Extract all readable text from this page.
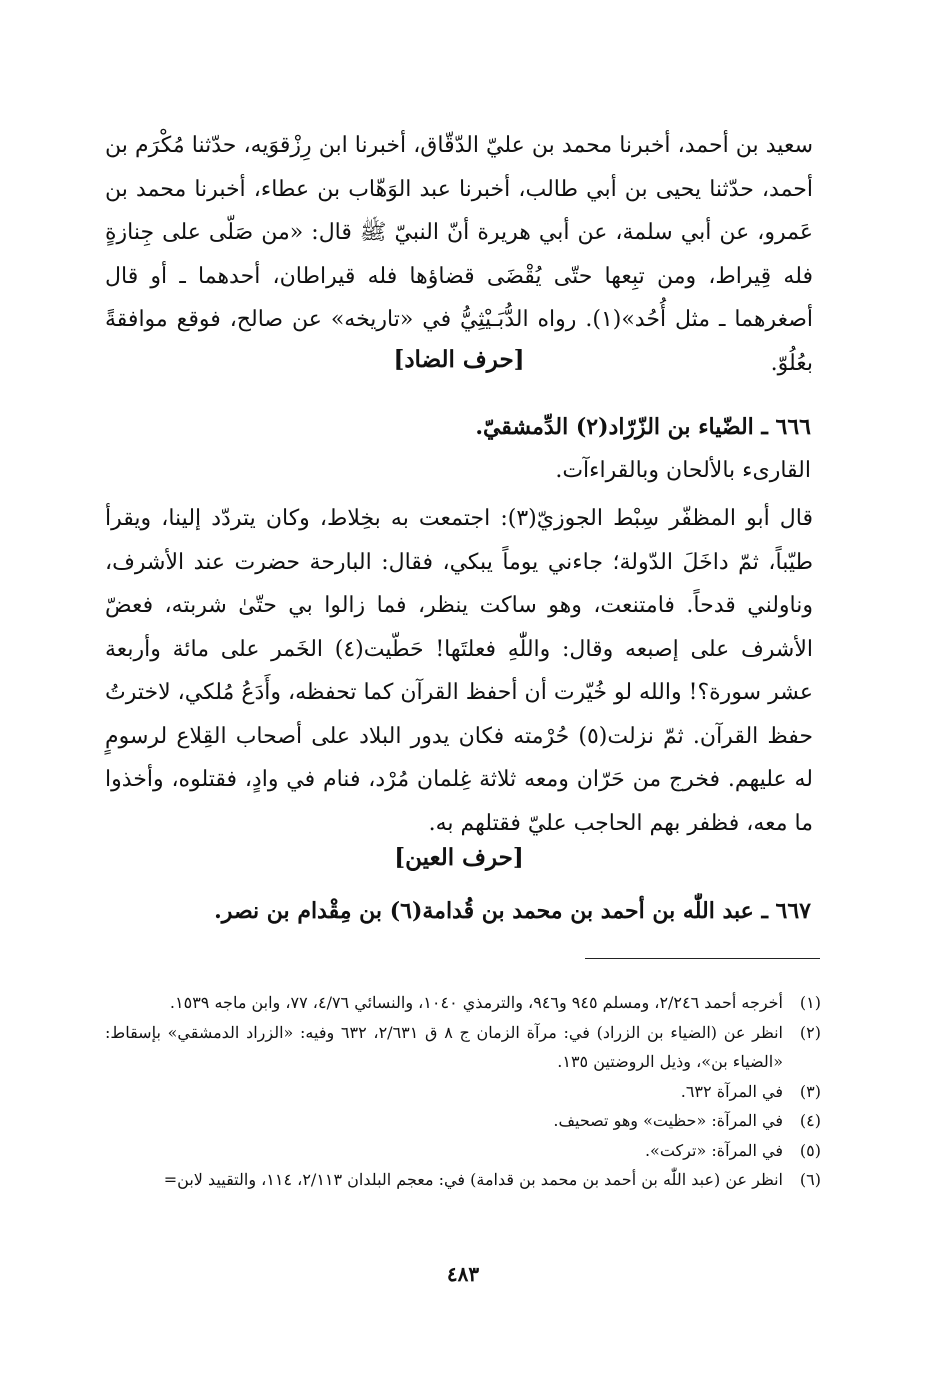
سعيد بن أحمد، أخبرنا محمد بن عليّ الدّقّاق، أخبرنا ابن رِزْقوَيه، حدّثنا مُكْرَم بن أحمد، حدّثنا يحيى بن أبي طالب، أخبرنا عبد الوَهّاب بن عطاء، أخبرنا محمد بن عَمرو، عن أبي سلمة، عن أبي هريرة أنّ النبيّ ﷺ قال: «من صَلّى على جِنازةٍ فله قِيراط، ومن تبِعها حتّى يُقْضَى قضاؤها فله قيراطان، أحدهما ـ أو قال أصغرهما ـ مثل أُحُد»(١). رواه الدُّبَـيْثِيُّ في «تاريخه» عن صالح، فوقع موافقةً بعُلُوّ.

[حرف الضاد]

٦٦٦ ـ الضّياء بن الزّرّاد(٢) الدِّمشقيّ.

القارىء بالألحان وبالقراءآت.

قال أبو المظفّر سِبْط الجوزيّ(٣): اجتمعت به بخِلاط، وكان يتردّد إلينا، ويقرأ طيّباً، ثمّ داخَلَ الدّولة؛ جاءني يوماً يبكي، فقال: البارحة حضرت عند الأشرف، وناولني قدحاً. فامتنعت، وهو ساكت ينظر، فما زالوا بي حتّىٰ شربته، فعضّ الأشرف على إصبعه وقال: واللّٰهِ فعلتَها! حَطّيت(٤) الخَمر على مائة وأربعة عشر سورة؟! والله لو خُيّرت أن أحفظ القرآن كما تحفظه، وأَدَعُ مُلكي، لاخترتُ حفظ القرآن. ثمّ نزلت(٥) حُرْمته فكان يدور البلاد على أصحاب القِلاع لرسومٍ له عليهم. فخرج من حَرّان ومعه ثلاثة غِلمان مُرْد، فنام في وادٍ، فقتلوه، وأخذوا ما معه، فظفر بهم الحاجب عليّ فقتلهم به.

[حرف العين]

٦٦٧ ـ عبد اللّٰه بن أحمد بن محمد بن قُدامة(٦) بن مِقْدام بن نصر.

(١)
أخرجه أحمد ٢/٢٤٦، ومسلم ٩٤٥ و٩٤٦، والترمذي ١٠٤٠، والنسائي ٤/٧٦، ٧٧، وابن ماجه ١٥٣٩.
(٢)
انظر عن (الضياء بن الزراد) في: مرآة الزمان ج ٨ ق ٢/٦٣١، ٦٣٢ وفيه: «الزراد الدمشقي» بإسقاط: «الضياء بن»، وذيل الروضتين ١٣٥.
(٣)
في المرآة ٦٣٢.
(٤)
في المرآة: «حظيت» وهو تصحيف.
(٥)
في المرآة: «تركت».
(٦)
انظر عن (عبد اللّٰه بن أحمد بن محمد بن قدامة) في: معجم البلدان ٢/١١٣، ١١٤، والتقييد لابن=
٤٨٣
